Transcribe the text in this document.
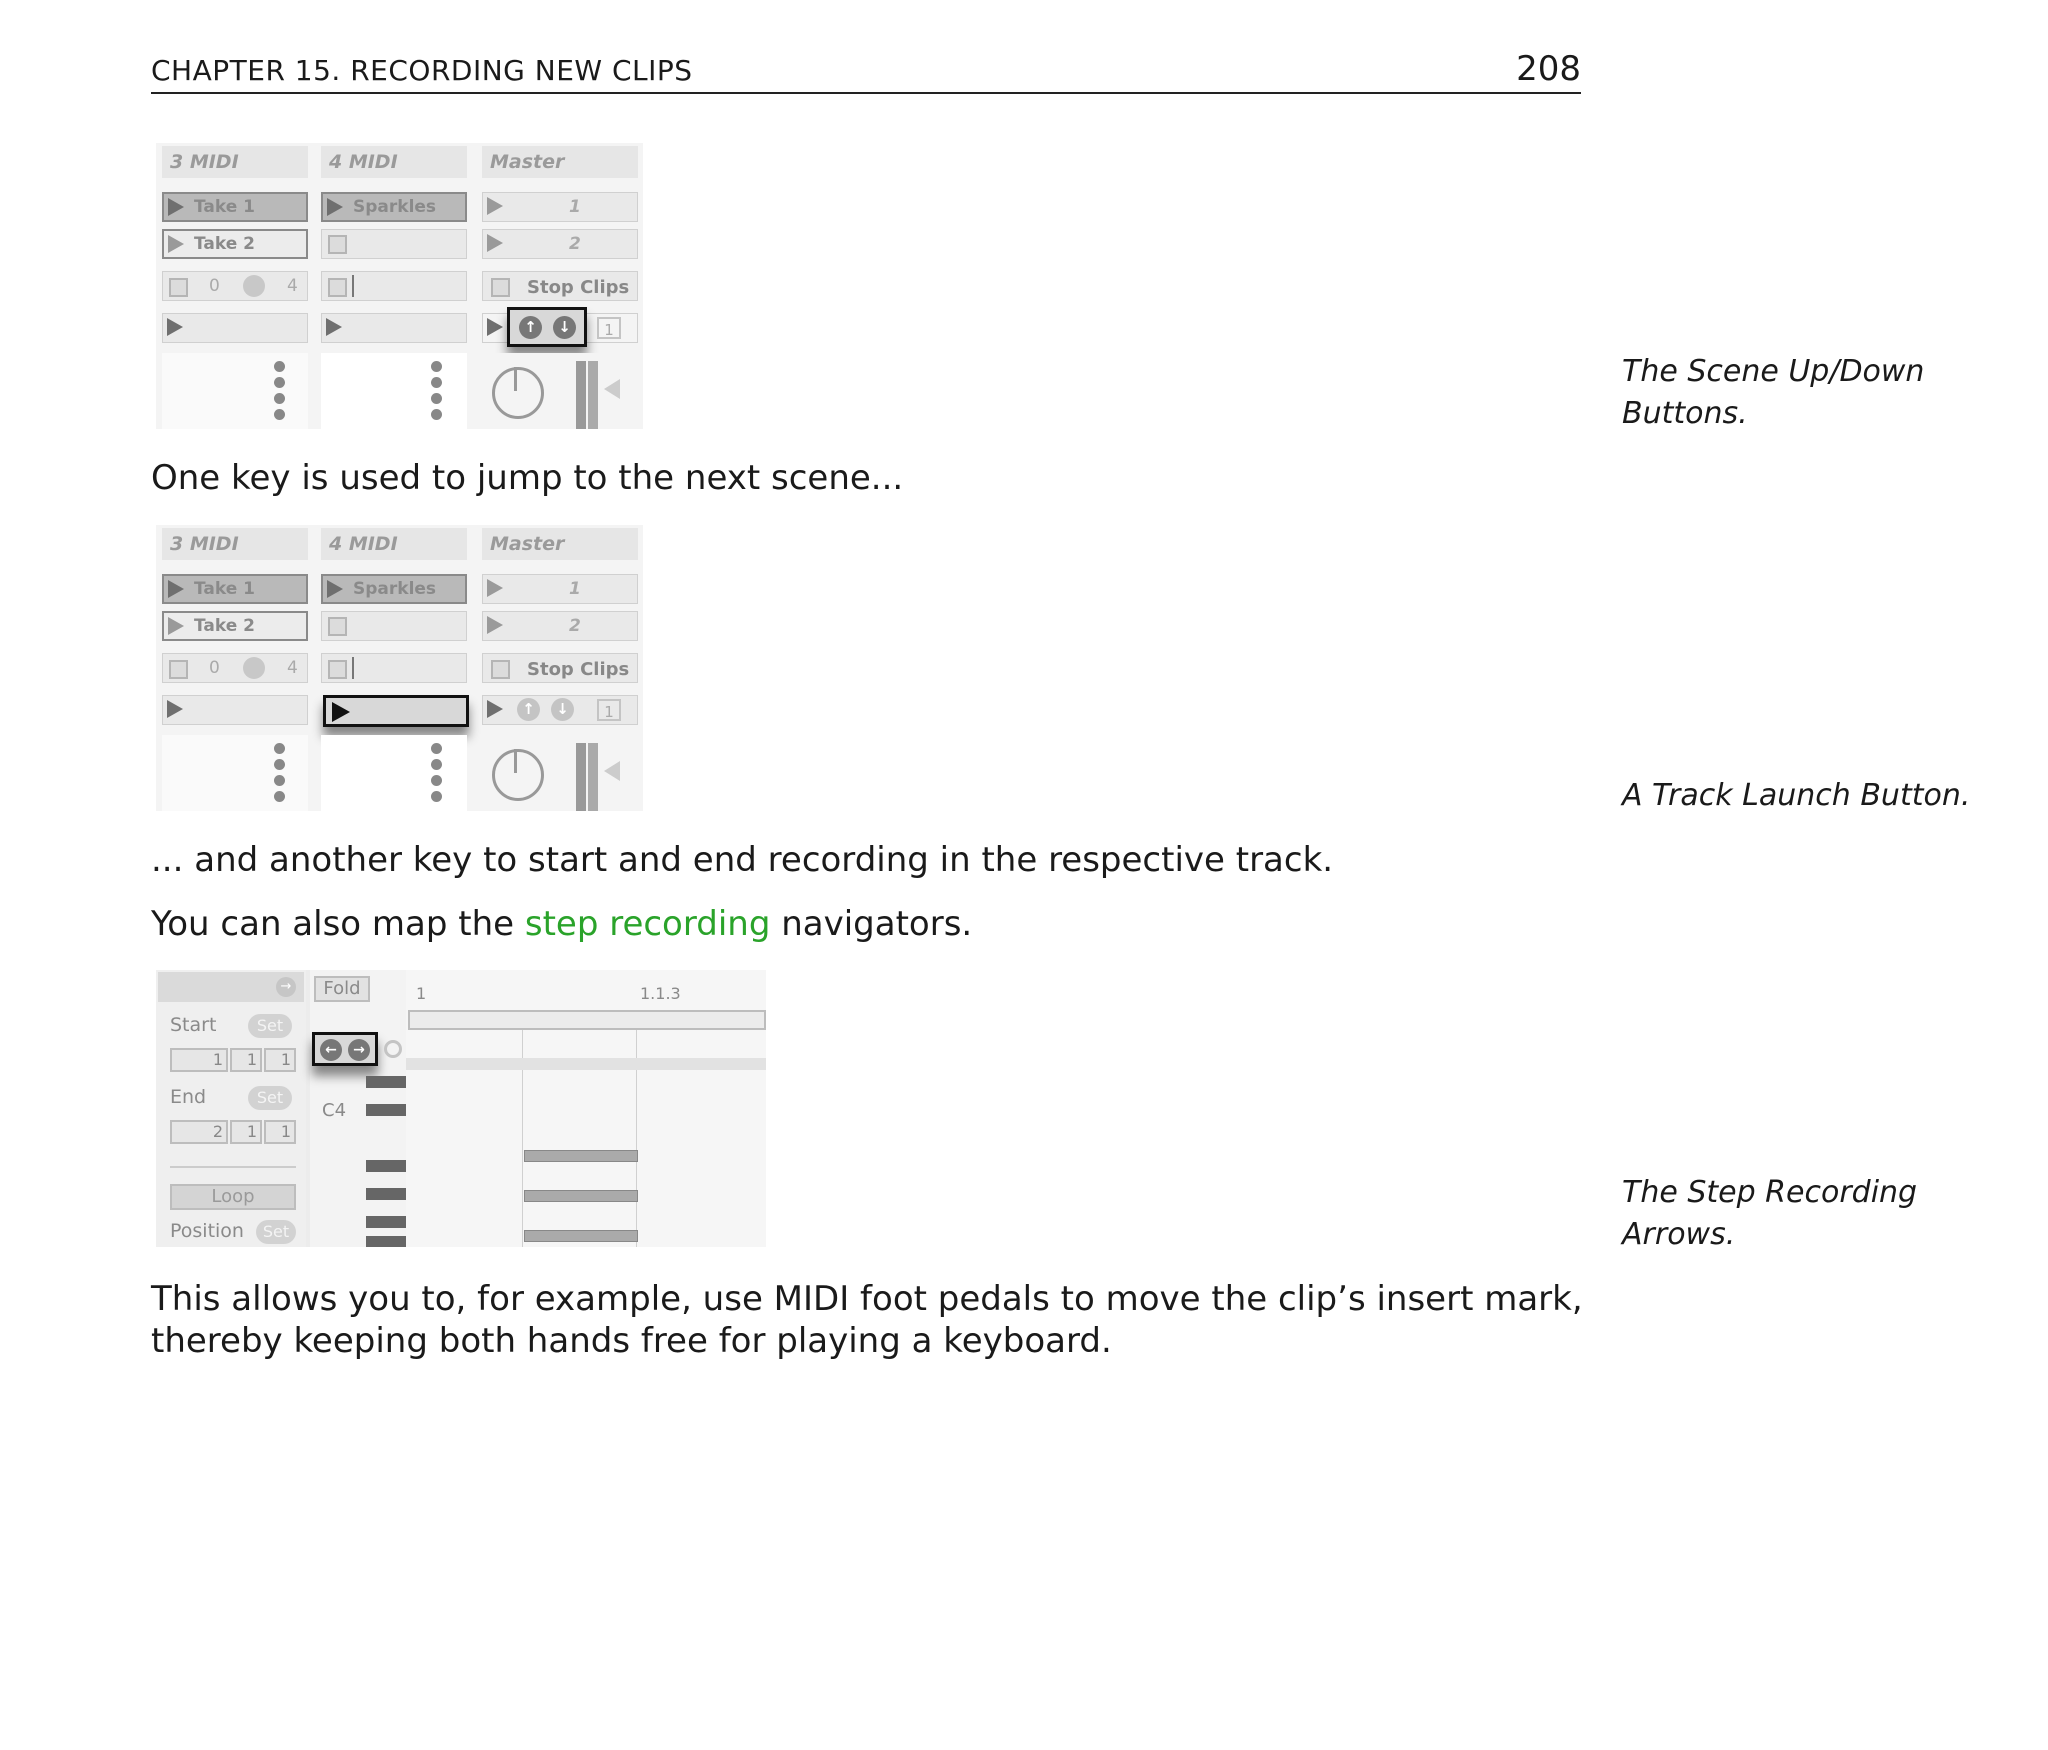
CHAPTER 15. RECORDING NEW CLIPS	208
3 MIDI
Take 1
Take 2
0	4
4 MIDI
Sparkles
Master
1
2
Stop Clips
↑	↓	1
The Scene Up/Down Buttons.

One key is used to jump to the next scene...

3 MIDI
Take 1
Take 2
0	4
4 MIDI
Sparkles
Master
1
2
Stop Clips
↑	↓	1
A Track Launch Button.

... and another key to start and end recording in the respective track.

You can also map the step recording navigators.

→
Start	Set
1	1	1
End	Set
2	1	1
Loop
Position	Set
Fold
C4
←	→
1	1.1.3
The Step Recording Arrows.

This allows you to, for example, use MIDI foot pedals to move the clip’s insert mark, thereby keeping both hands free for playing a keyboard.
